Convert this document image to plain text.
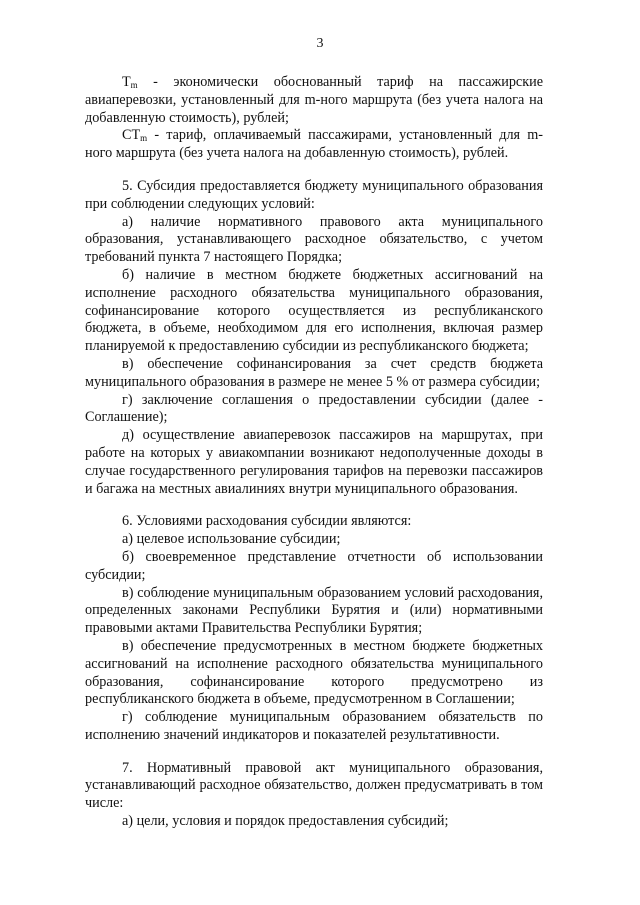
3

$Т_m$ - экономически обоснованный тариф на пассажирские авиаперевозки, установленный для m-ного маршрута (без учета налога на добавленную стоимость), рублей;

$СТ_m$ - тариф, оплачиваемый пассажирами, установленный для m-ного маршрута (без учета налога на добавленную стоимость), рублей.

5. Субсидия предоставляется бюджету муниципального образования при соблюдении следующих условий:

а) наличие нормативного правового акта муниципального образования, устанавливающего расходное обязательство, с учетом требований пункта 7 настоящего Порядка;

б) наличие в местном бюджете бюджетных ассигнований на исполнение расходного обязательства муниципального образования, софинансирование которого осуществляется из республиканского бюджета, в объеме, необходимом для его исполнения, включая размер планируемой к предоставлению субсидии из республиканского бюджета;

в) обеспечение софинансирования за счет средств бюджета муниципального образования в размере не менее 5 % от размера субсидии;

г) заключение соглашения о предоставлении субсидии (далее - Соглашение);

д) осуществление авиаперевозок пассажиров на маршрутах, при работе на которых у авиакомпании возникают недополученные доходы в случае государственного регулирования тарифов на перевозки пассажиров и багажа на местных авиалиниях внутри муниципального образования.

6. Условиями расходования субсидии являются:

а) целевое использование субсидии;

б) своевременное представление отчетности об использовании субсидии;

в) соблюдение муниципальным образованием условий расходования, определенных законами Республики Бурятия и (или) нормативными правовыми актами Правительства Республики Бурятия;

в) обеспечение предусмотренных в местном бюджете бюджетных ассигнований на исполнение расходного обязательства муниципального образования, софинансирование которого предусмотрено из республиканского бюджета в объеме, предусмотренном в Соглашении;

г) соблюдение муниципальным образованием обязательств по исполнению значений индикаторов и показателей результативности.

7. Нормативный правовой акт муниципального образования, устанавливающий расходное обязательство, должен предусматривать в том числе:

а) цели, условия и порядок предоставления субсидий;
